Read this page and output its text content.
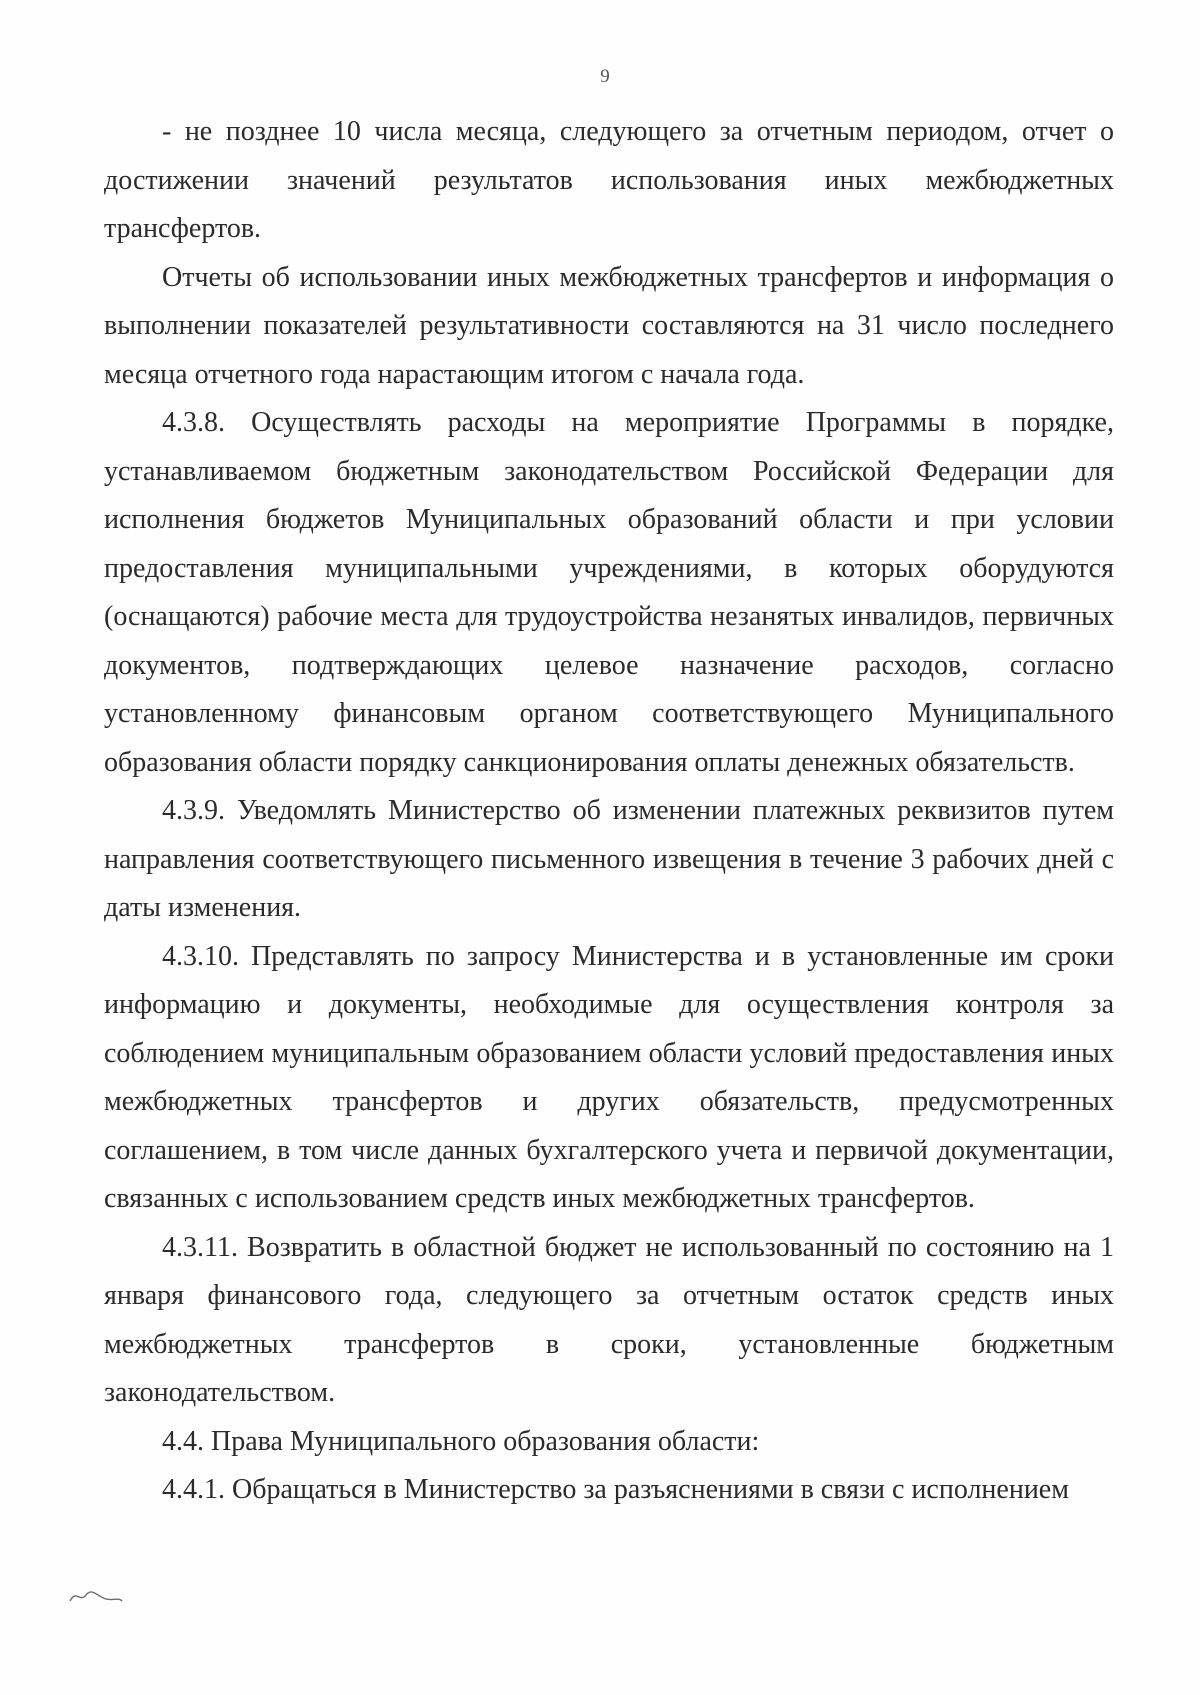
9

- не позднее 10 числа месяца, следующего за отчетным периодом, отчет о достижении значений результатов использования иных межбюджетных трансфертов.

Отчеты об использовании иных межбюджетных трансфертов и информация о выполнении показателей результативности составляются на 31 число последнего месяца отчетного года нарастающим итогом с начала года.

4.3.8. Осуществлять расходы на мероприятие Программы в порядке, устанавливаемом бюджетным законодательством Российской Федерации для исполнения бюджетов Муниципальных образований области и при условии предоставления муниципальными учреждениями, в которых оборудуются (оснащаются) рабочие места для трудоустройства незанятых инвалидов, первичных документов, подтверждающих целевое назначение расходов, согласно установленному финансовым органом соответствующего Муниципального образования области порядку санкционирования оплаты денежных обязательств.

4.3.9. Уведомлять Министерство об изменении платежных реквизитов путем направления соответствующего письменного извещения в течение 3 рабочих дней с даты изменения.

4.3.10. Представлять по запросу Министерства и в установленные им сроки информацию и документы, необходимые для осуществления контроля за соблюдением муниципальным образованием области условий предоставления иных межбюджетных трансфертов и других обязательств, предусмотренных соглашением, в том числе данных бухгалтерского учета и первичой документации, связанных с использованием средств иных межбюджетных трансфертов.

4.3.11. Возвратить в областной бюджет не использованный по состоянию на 1 января финансового года, следующего за отчетным остаток средств иных межбюджетных трансфертов в сроки, установленные бюджетным законодательством.

4.4. Права Муниципального образования области:

4.4.1. Обращаться в Министерство за разъяснениями в связи с исполнением
